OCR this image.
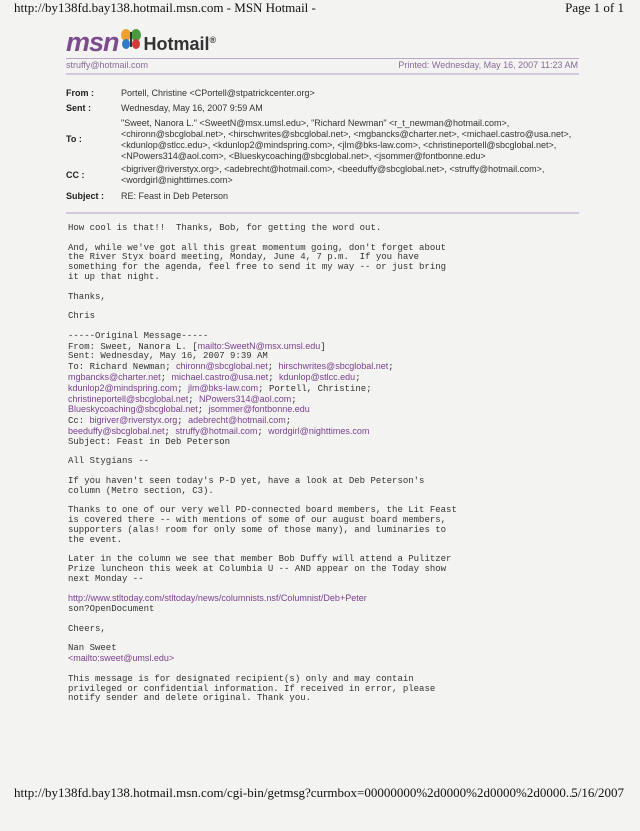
http://by138fd.bay138.hotmail.msn.com - MSN Hotmail -	Page 1 of 1
msn Hotmail®
struffy@hotmail.com	Printed: Wednesday, May 16, 2007 11:23 AM
From :	Portell, Christine <CPortell@stpatrickcenter.org>
Sent :	Wednesday, May 16, 2007 9:59 AM
To :
"Sweet, Nanora L." <SweetN@msx.umsl.edu>, "Richard Newman" <r_t_newman@hotmail.com>, <chironn@sbcglobal.net>, <hirschwrites@sbcglobal.net>, <mgbancks@charter.net>, <michael.castro@usa.net>, <kdunlop@stlcc.edu>, <kdunlop2@mindspring.com>, <jlm@bks-law.com>, <christineportell@sbcglobal.net>, <NPowers314@aol.com>, <Blueskycoaching@sbcglobal.net>, <jsommer@fontbonne.edu>
CC :
<bigriver@riverstyx.org>, <adebrecht@hotmail.com>, <beeduffy@sbcglobal.net>, <struffy@hotmail.com>, <wordgirl@nighttimes.com>
Subject : RE: Feast in Deb Peterson
How cool is that!!  Thanks, Bob, for getting the word out.

And, while we've got all this great momentum going, don't forget about
the River Styx board meeting, Monday, June 4, 7 p.m.  If you have
something for the agenda, feel free to send it my way -- or just bring
it up that night.

Thanks,

Chris

-----Original Message-----
From: Sweet, Nanora L. [mailto:SweetN@msx.umsl.edu]
Sent: Wednesday, May 16, 2007 9:39 AM
To: Richard Newman; chironn@sbcglobal.net; hirschwrites@sbcglobal.net;
mgbancks@charter.net; michael.castro@usa.net; kdunlop@stlcc.edu;
kdunlop2@mindspring.com; jlm@bks-law.com; Portell, Christine;
christineportell@sbcglobal.net; NPowers314@aol.com;
Blueskycoaching@sbcglobal.net; jsommer@fontbonne.edu
Cc: bigriver@riverstyx.org; adebrecht@hotmail.com;
beeduffy@sbcglobal.net; struffy@hotmail.com; wordgirl@nighttimes.com
Subject: Feast in Deb Peterson

All Stygians --

If you haven't seen today's P-D yet, have a look at Deb Peterson's
column (Metro section, C3).

Thanks to one of our very well PD-connected board members, the Lit Feast
is covered there -- with mentions of some of our august board members,
supporters (alas! room for only some of those many), and luminaries to
the event.

Later in the column we see that member Bob Duffy will attend a Pulitzer
Prize luncheon this week at Columbia U -- AND appear on the Today show
next Monday --

http://www.stltoday.com/stltoday/news/columnists.nsf/Columnist/Deb+Peter
son?OpenDocument

Cheers,

Nan Sweet
<mailto:sweet@umsl.edu>

This message is for designated recipient(s) only and may contain
privileged or confidential information. If received in error, please
notify sender and delete original. Thank you.
http://by138fd.bay138.hotmail.msn.com/cgi-bin/getmsg?curmbox=00000000%2d0000%2d0000%2d0000...
5/16/2007
